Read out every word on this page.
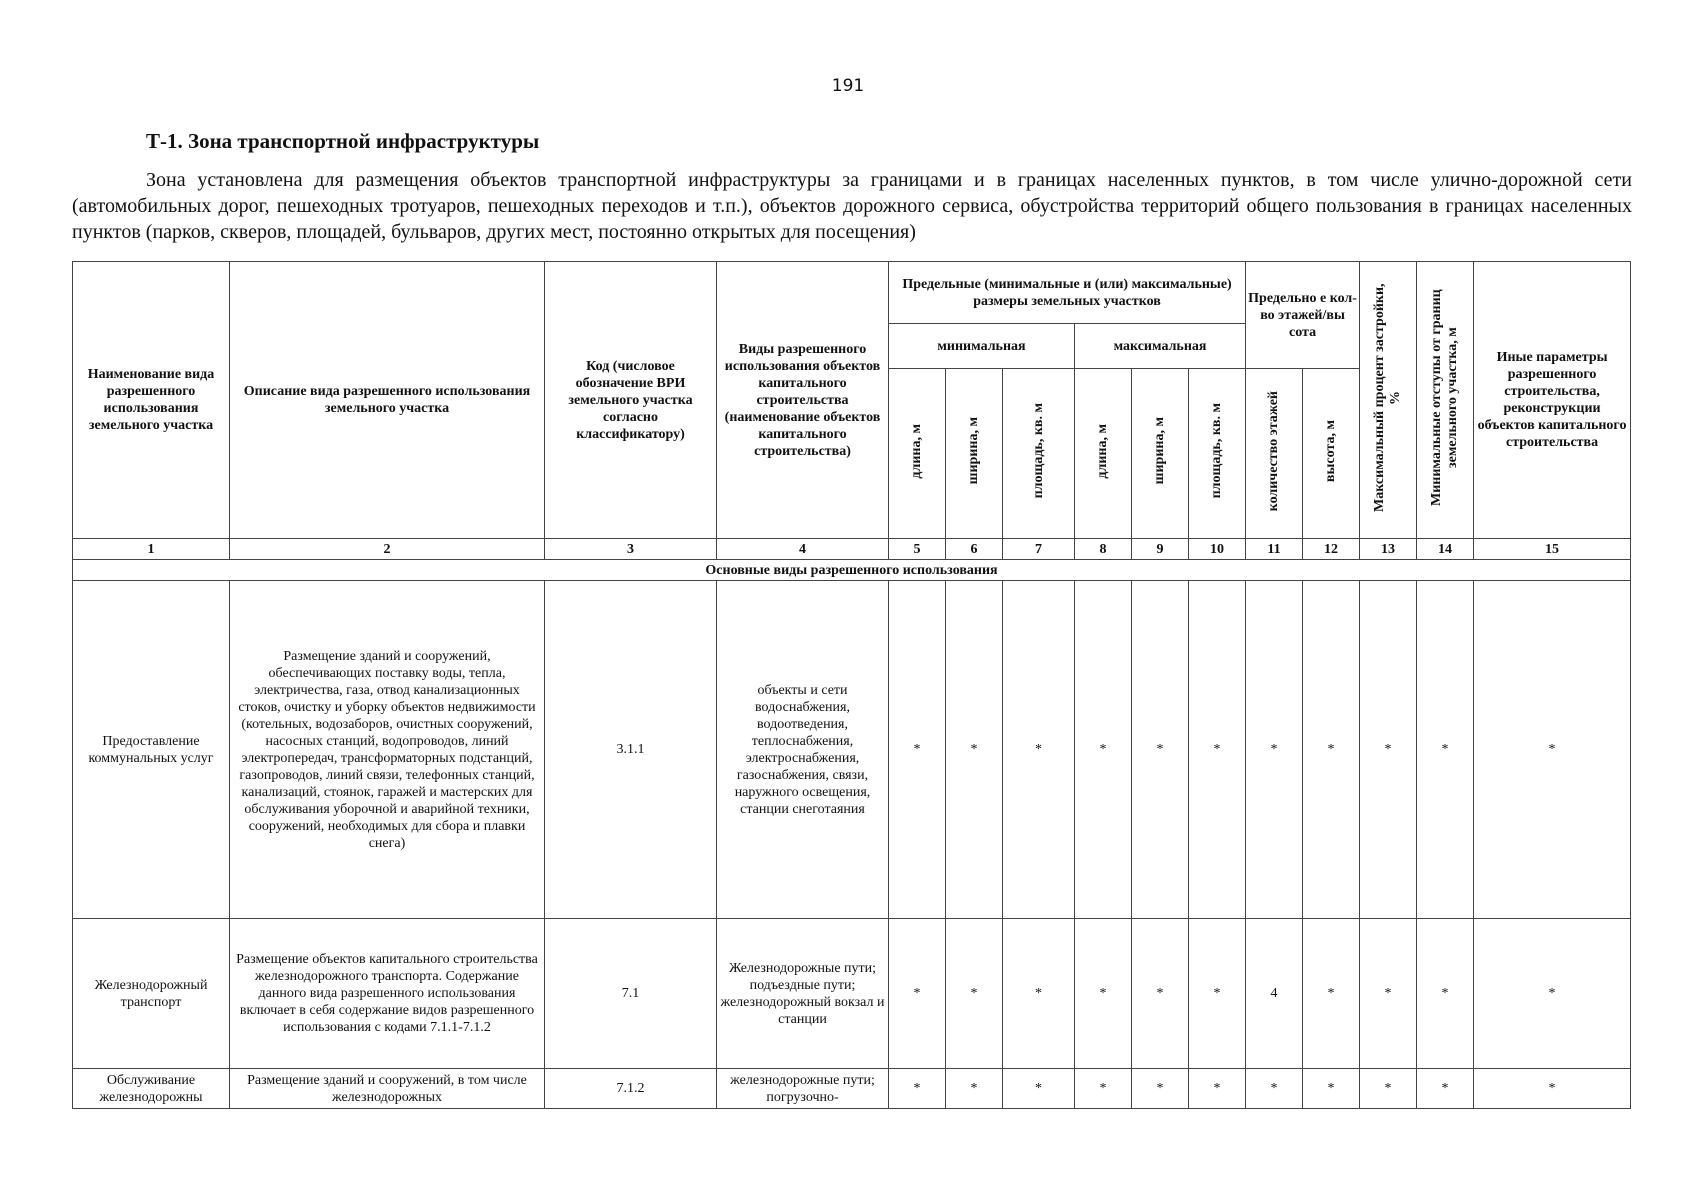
191
Т-1. Зона транспортной инфраструктуры

Зона установлена для размещения объектов транспортной инфраструктуры за границами и в границах населенных пунктов, в том числе улично-дорожной сети (автомобильных дорог, пешеходных тротуаров, пешеходных переходов и т.п.), объектов дорожного сервиса, обустройства территорий общего пользования в границах населенных пунктов (парков, скверов, площадей, бульваров, других мест, постоянно открытых для посещения)

Наименование вида разрешенного использования земельного участка	Описание вида разрешенного использования земельного участка	Код (числовое обозначение ВРИ земельного участка согласно классификатору)	Виды разрешенного использования объектов капитального строительства (наименование объектов капитального строительства)	Предельные (минимальные и (или) максимальные) размеры земельных участков						Предельно е кол-во этажей/вы сота		Максимальный процент застройки, %	Минимальные отступы от границ земельного участка, м	Иные параметры разрешенного строительства, реконструкции объектов капитального строительства
				минимальная			максимальная							
				длина, м	ширина, м	площадь, кв. м	длина, м	ширина, м	площадь, кв. м	количество этажей	высота, м			
1	2	3	4	5	6	7	8	9	10	11	12	13	14	15
Основные виды разрешенного использования														
Предоставление коммунальных услуг	Размещение зданий и сооружений, обеспечивающих поставку воды, тепла, электричества, газа, отвод канализационных стоков, очистку и уборку объектов недвижимости (котельных, водозаборов, очистных сооружений, насосных станций, водопроводов, линий электропередач, трансформаторных подстанций, газопроводов, линий связи, телефонных станций, канализаций, стоянок, гаражей и мастерских для обслуживания уборочной и аварийной техники, сооружений, необходимых для сбора и плавки снега)	3.1.1	объекты и сети водоснабжения, водоотведения, теплоснабжения, электроснабжения, газоснабжения, связи, наружного освещения, станции снеготаяния	*	*	*	*	*	*	*	*	*	*	*
Железнодорожный транспорт	Размещение объектов капитального строительства железнодорожного транспорта. Содержание данного вида разрешенного использования включает в себя содержание видов разрешенного использования с кодами 7.1.1-7.1.2	7.1	Железнодорожные пути; подъездные пути; железнодорожный вокзал и станции	*	*	*	*	*	*	4	*	*	*	*
Обслуживание железнодорожны	Размещение зданий и сооружений, в том числе железнодорожных	7.1.2	железнодорожные пути; погрузочно-	*	*	*	*	*	*	*	*	*	*	*
